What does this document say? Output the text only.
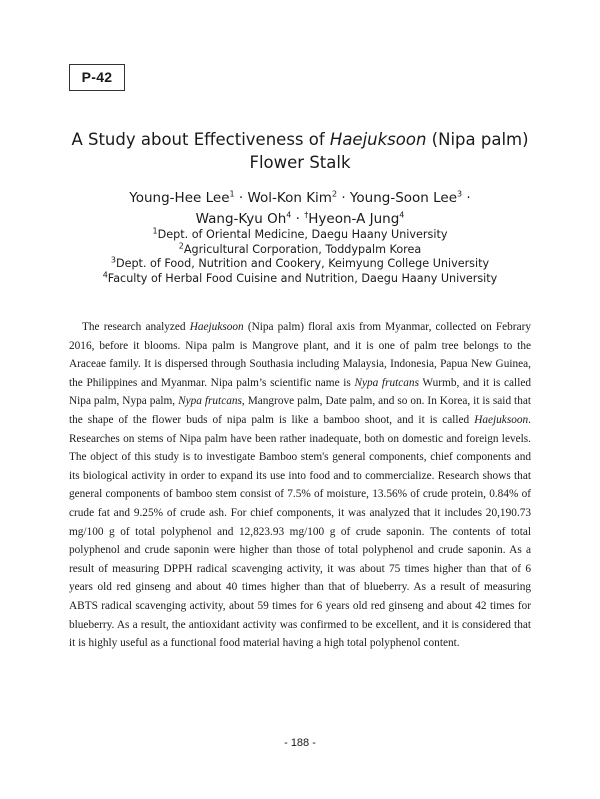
P-42
A Study about Effectiveness of Haejuksoon (Nipa palm)
Flower Stalk
Young-Hee Lee$^1$ · Wol-Kon Kim$^2$ · Young-Soon Lee$^3$ ·
Wang-Kyu $Oh^4$ · †Hyeon-A Jung$^4$
$^1$Dept. of Oriental Medicine, Daegu Haany University
$^2$Agricultural Corporation, Toddypalm Korea
$^3$Dept. of Food, Nutrition and Cookery, Keimyung College University
$^4$Faculty of Herbal Food Cuisine and Nutrition, Daegu Haany University

The research analyzed Haejuksoon (Nipa palm) floral axis from Myanmar, collected on Febrary 2016, before it blooms. Nipa palm is Mangrove plant, and it is one of palm tree belongs to the Araceae family. It is dispersed through Southasia including Malaysia, Indonesia, Papua New Guinea, the Philippines and Myanmar. Nipa palm’s scientific name is Nypa frutcans Wurmb, and it is called Nipa palm, Nypa palm, Nypa frutcans, Mangrove palm, Date palm, and so on. In Korea, it is said that the shape of the flower buds of nipa palm is like a bamboo shoot, and it is called Haejuksoon. Researches on stems of Nipa palm have been rather inadequate, both on domestic and foreign levels. The object of this study is to investigate Bamboo stem's general components, chief components and its biological activity in order to expand its use into food and to commercialize. Research shows that general components of bamboo stem consist of 7.5% of moisture, 13.56% of crude protein, 0.84% of crude fat and 9.25% of crude ash. For chief components, it was analyzed that it includes 20,190.73 mg/100 g of total polyphenol and 12,823.93 mg/100 g of crude saponin. The contents of total polyphenol and crude saponin were higher than those of total polyphenol and crude saponin. As a result of measuring DPPH radical scavenging activity, it was about 75 times higher than that of 6 years old red ginseng and about 40 times higher than that of blueberry. As a result of measuring ABTS radical scavenging activity, about 59 times for 6 years old red ginseng and about 42 times for blueberry. As a result, the antioxidant activity was confirmed to be excellent, and it is considered that it is highly useful as a functional food material having a high total polyphenol content.

- 188 -
